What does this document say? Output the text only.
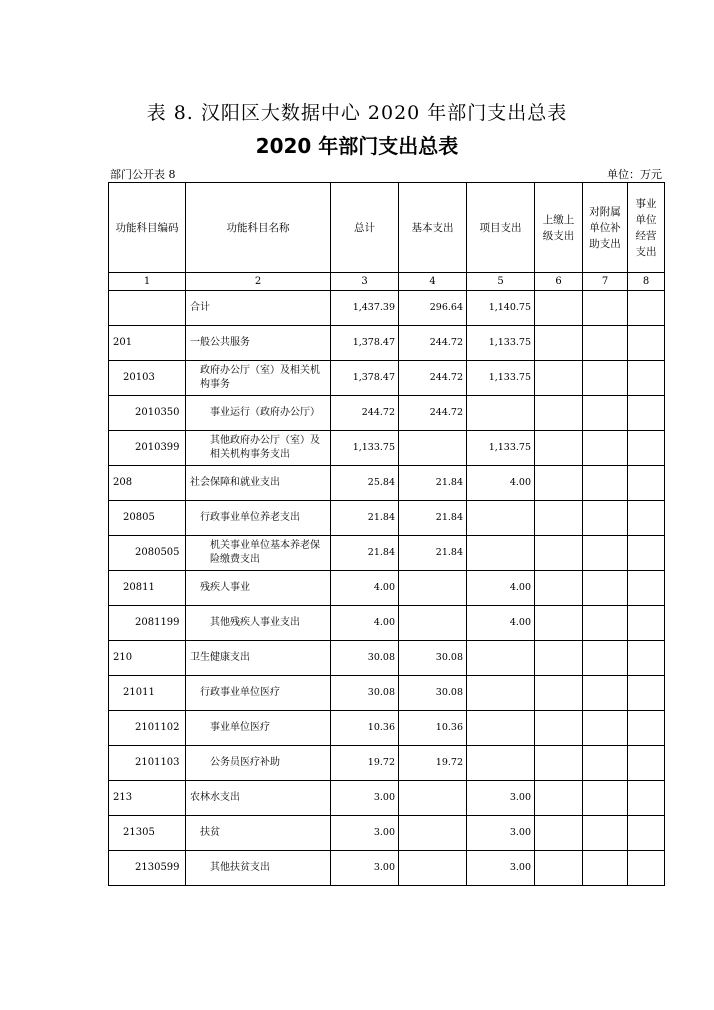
表 8. 汉阳区大数据中心 2020 年部门支出总表
2020 年部门支出总表
部门公开表 8	单位：万元
功能科目编码	功能科目名称	总计	基本支出	项目支出	上缴上级支出	对附属单位补助支出	事业单位经营支出
1	2	3	4	5	6	7	8
	合计	1,437.39	296.64	1,140.75			
201	一般公共服务	1,378.47	244.72	1,133.75			
20103	政府办公厅（室）及相关机构事务	1,378.47	244.72	1,133.75			
2010350	事业运行（政府办公厅）	244.72	244.72				
2010399	其他政府办公厅（室）及相关机构事务支出	1,133.75		1,133.75			
208	社会保障和就业支出	25.84	21.84	4.00			
20805	行政事业单位养老支出	21.84	21.84				
2080505	机关事业单位基本养老保险缴费支出	21.84	21.84				
20811	残疾人事业	4.00		4.00			
2081199	其他残疾人事业支出	4.00		4.00			
210	卫生健康支出	30.08	30.08				
21011	行政事业单位医疗	30.08	30.08				
2101102	事业单位医疗	10.36	10.36				
2101103	公务员医疗补助	19.72	19.72				
213	农林水支出	3.00		3.00			
21305	扶贫	3.00		3.00			
2130599	其他扶贫支出	3.00		3.00			
